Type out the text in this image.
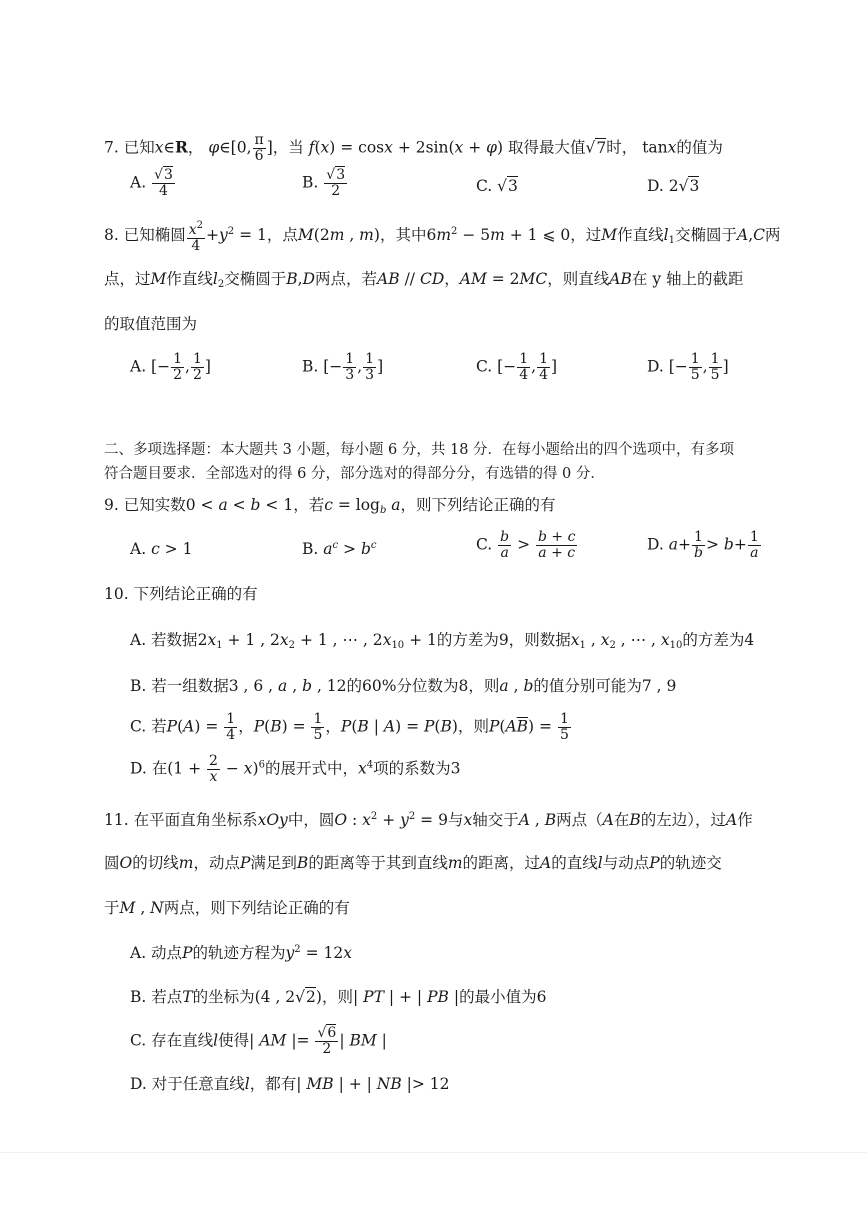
7. 已知x∈R， φ∈[0, $\frac{\pi}{6}$ ]，当 f(x) = cosx + 2sin(x + φ) 取得最大值√7时， tanx的值为
A. $\frac{√3}{4}$	B. $\frac{√3}{2}$	C. √3	D. 2√3
8. 已知椭圆 $\frac{x^2}{4} +y^2 = 1$，点M(2m , m)，其中$6m^2 - 5m + 1$ ⩽ 0，过M作直线$l_1$交椭圆于A,C两
点，过M作直线$l_2$交椭圆于B,D两点，若AB // CD，AM = 2MC，则直线AB在 y 轴上的截距
的取值范围为
A. [− $\frac{1}{2}$ , $\frac{1}{2}$ ]	B. [− $\frac{1}{3}$ , $\frac{1}{3}$ ]	C. [− $\frac{1}{4}$ , $\frac{1}{4}$ ]	D. [− $\frac{1}{5}$ , $\frac{1}{5}$ ]
二、多项选择题：本大题共 3 小题，每小题 6 分，共 18 分．在每小题给出的四个选项中，有多项
符合题目要求．全部选对的得 6 分，部分选对的得部分分，有选错的得 0 分．
9. 已知实数0 < a < b < 1，若$c = \log_b a$，则下列结论正确的有
A. c > 1	B. $a^c > b^c$	C. $\frac{b}{a} > \frac{b + c}{a + c}$	D. $a+ \frac{1}{b} > b+ \frac{1}{a}$
10. 下列结论正确的有
A. 若数据$2x_1 + 1$ , $2x_2 + 1$ , ⋯ , $2x_{10} + 1$的方差为9，则数据$x_1$ , $x_2$ , ⋯ , $x_{10}$的方差为4
B. 若一组数据3 , 6 , a , b , 12的60%分位数为8，则a , b的值分别可能为7 , 9
C. 若$P(A) = \frac{1}{4}$ ，$P(B) = \frac{1}{5}$ ，P(B | A) = P(B)，则$P(A\overline{B}) = \frac{1}{5}$
D. 在$(1 + \frac{2}{x} - x)^6$的展开式中，$x^4$项的系数为3
11. 在平面直角坐标系xOy中，圆O : $x^2 + y^2 = 9$与x轴交于A , B两点（A在B的左边），过A作
圆O的切线m，动点P满足到B的距离等于其到直线m的距离，过A的直线l与动点P的轨迹交
于M , N两点，则下列结论正确的有
A. 动点P的轨迹方程为$y^2 = 12x$
B. 若点T的坐标为(4 , 2√2)，则| PT | + | PB |的最小值为6
C. 存在直线l使得| AM |= $\frac{√6}{2}$ | BM |
D. 对于任意直线l，都有| MB | + | NB |> 12
